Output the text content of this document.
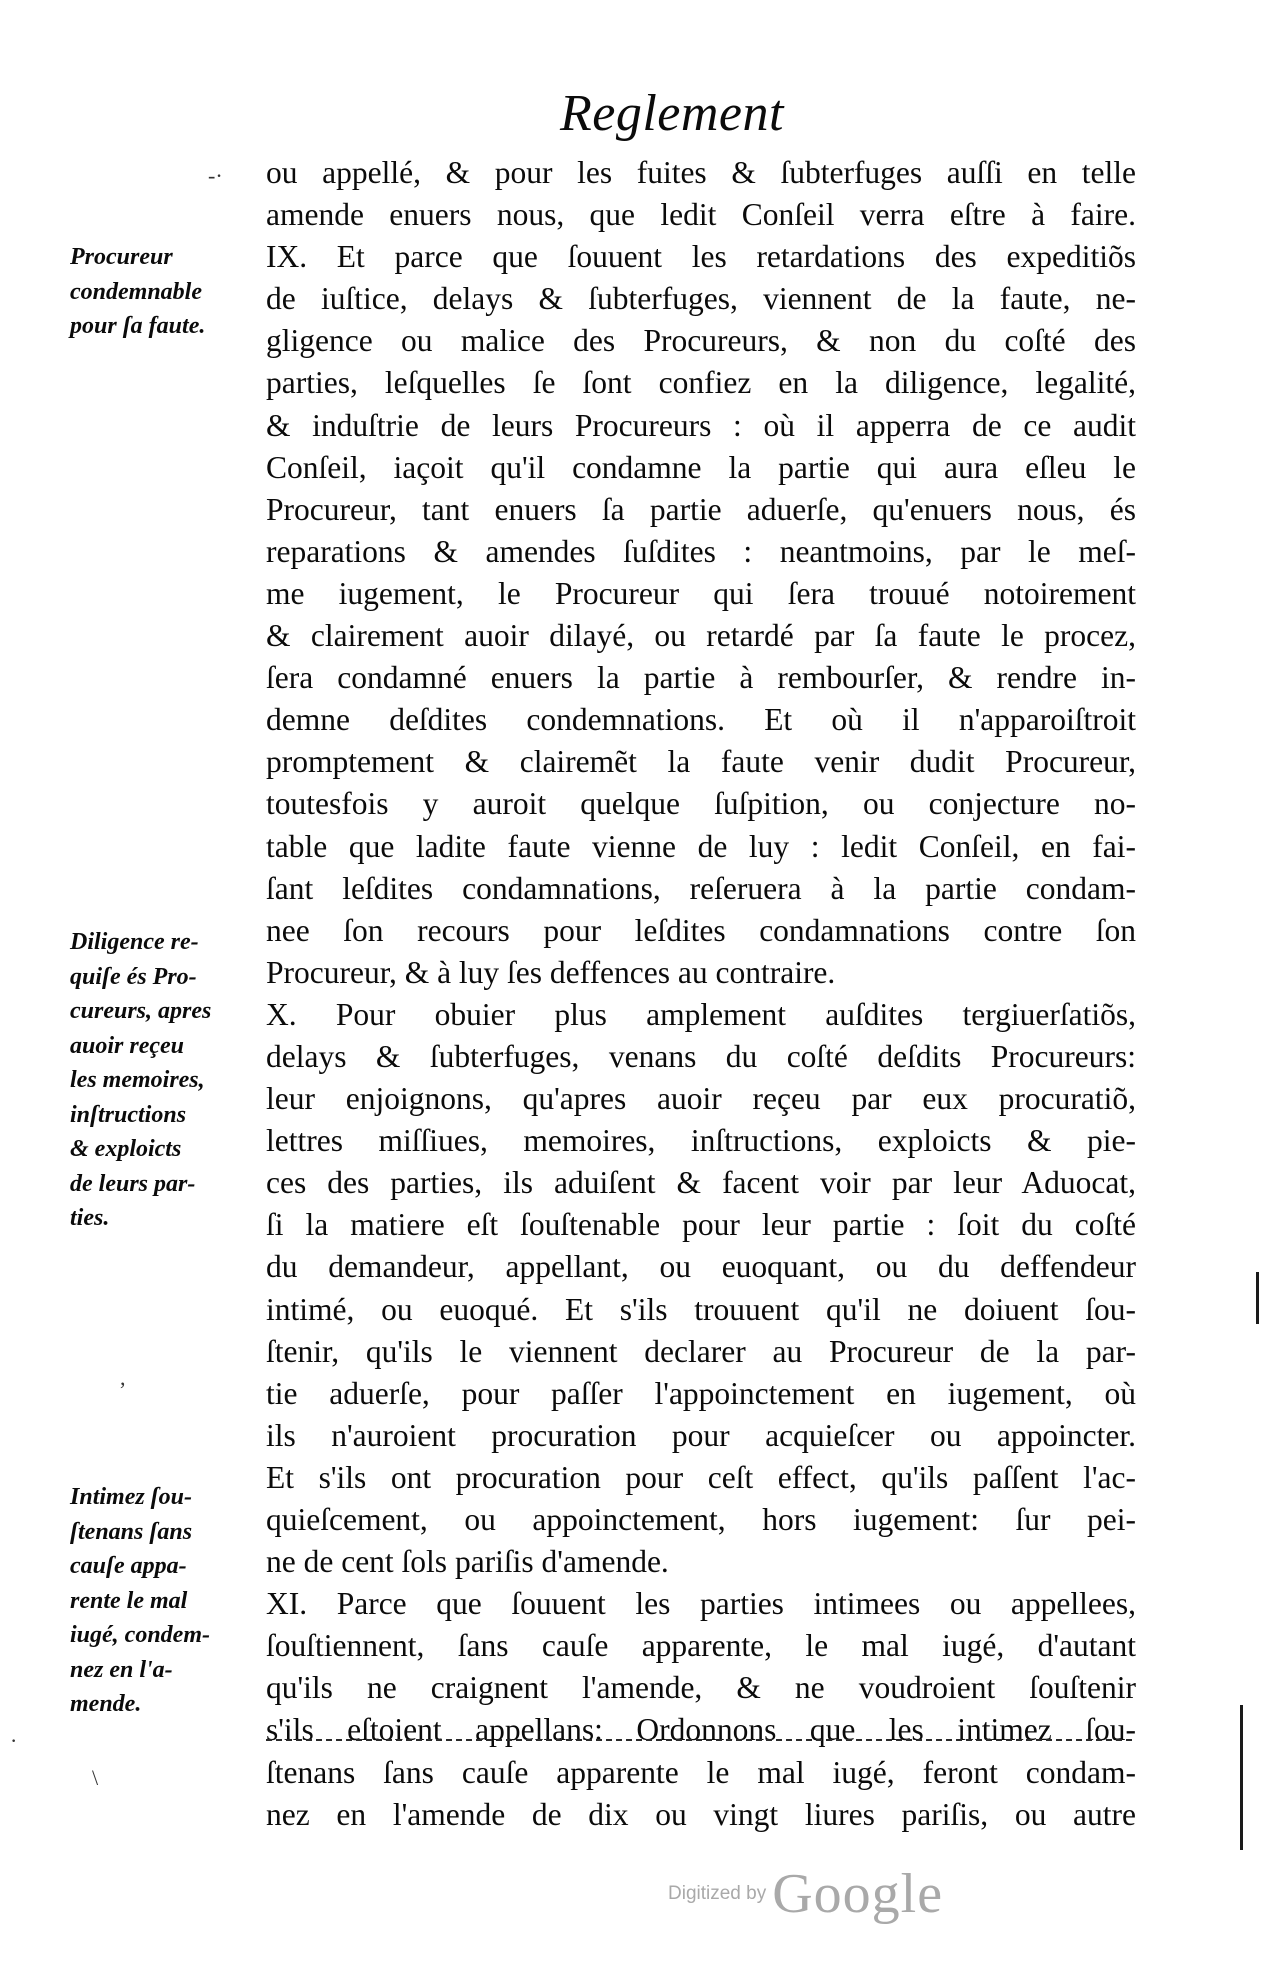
Reglement
-· ou appellé, & pour les fuites & ſubterfuges auſſi en telle
amende enuers nous, que ledit Conſeil verra eſtre à faire.
IX. Et parce que ſouuent les retardations des expeditiõs
de iuſtice, delays & ſubterfuges, viennent de la faute, ne-
gligence ou malice des Procureurs, & non du coſté des
parties, leſquelles ſe ſont confiez en la diligence, legalité,
& induſtrie de leurs Procureurs : où il apperra de ce audit
Conſeil, iaçoit qu'il condamne la partie qui aura eſleu le
Procureur, tant enuers ſa partie aduerſe, qu'enuers nous, és
reparations & amendes ſuſdites : neantmoins, par le meſ-
me iugement, le Procureur qui ſera trouué notoirement
& clairement auoir dilayé, ou retardé par ſa faute le procez,
ſera condamné enuers la partie à rembourſer, & rendre in-
demne deſdites condemnations. Et où il n'apparoiſtroit
promptement & clairemẽt la faute venir dudit Procureur,
toutesfois y auroit quelque ſuſpition, ou conjecture no-
table que ladite faute vienne de luy : ledit Conſeil, en fai-
ſant leſdites condamnations, reſeruera à la partie condam-
nee ſon recours pour leſdites condamnations contre ſon
Procureur, & à luy ſes deffences au contraire.
X. Pour obuier plus amplement auſdites tergiuerſatiõs,
delays & ſubterfuges, venans du coſté deſdits Procureurs:
leur enjoignons, qu'apres auoir reçeu par eux procuratiõ,
lettres miſſiues, memoires, inſtructions, exploicts & pie-
ces des parties, ils aduiſent & facent voir par leur Aduocat,
ſi la matiere eſt ſouſtenable pour leur partie : ſoit du coſté
du demandeur, appellant, ou euoquant, ou du deffendeur
intimé, ou euoqué. Et s'ils trouuent qu'il ne doiuent ſou-
ſtenir, qu'ils le viennent declarer au Procureur de la par-
tie aduerſe, pour paſſer l'appoinctement en iugement, où
ils n'auroient procuration pour acquieſcer ou appoincter.
Et s'ils ont procuration pour ceſt effect, qu'ils paſſent l'ac-
quieſcement, ou appoinctement, hors iugement: ſur pei-
ne de cent ſols pariſis d'amende.
XI. Parce que ſouuent les parties intimees ou appellees,
ſouſtiennent, ſans cauſe apparente, le mal iugé, d'autant
qu'ils ne craignent l'amende, & ne voudroient ſouſtenir
s'ils eſtoient appellans: Ordonnons que les intimez ſou-
ſtenans ſans cauſe apparente le mal iugé, feront condam-
nez en l'amende de dix ou vingt liures pariſis, ou autre
Procureur
condemnable
pour ſa faute.
Diligence re-
quiſe és Pro-
cureurs, apres
auoir reçeu
les memoires,
inſtructions
& exploicts
de leurs par-
ties.
Intimez ſou-
ſtenans ſans
cauſe appa-
rente le mal
iugé, condem-
nez en l'a-
mende.
,
·
\
Digitized by Google
